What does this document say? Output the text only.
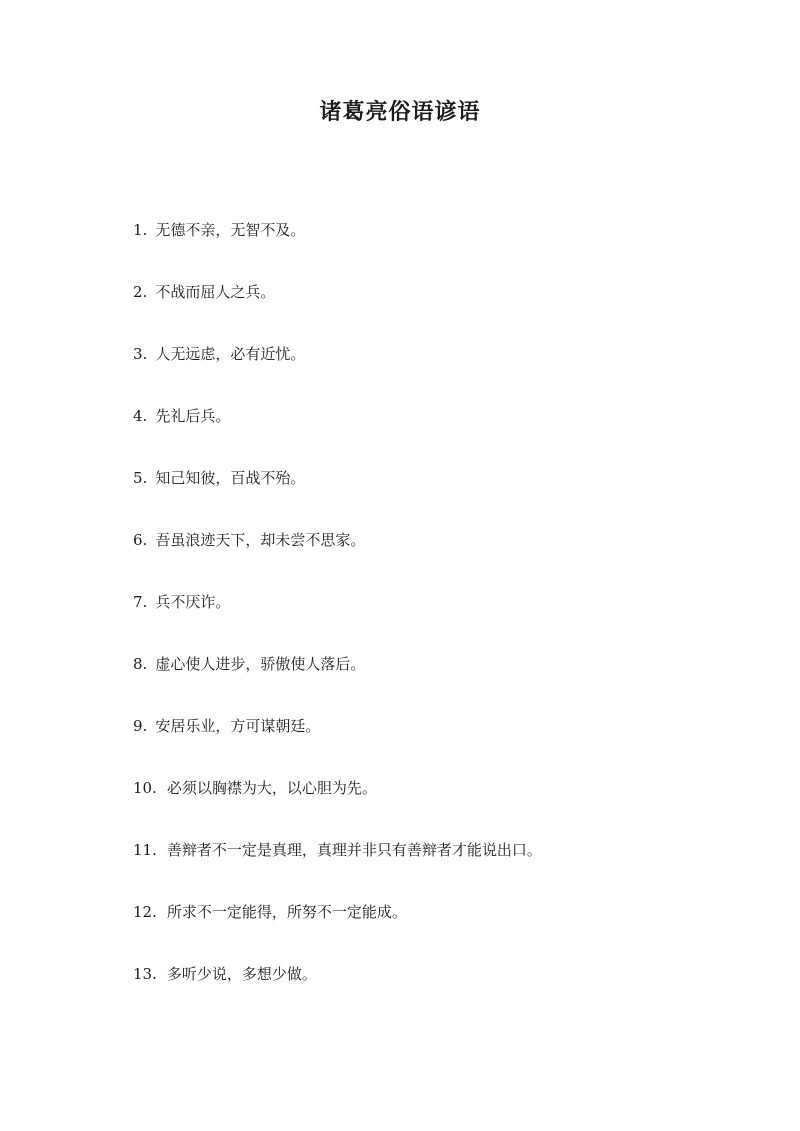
诸葛亮俗语谚语
1. 无德不亲，无智不及。
2. 不战而屈人之兵。
3. 人无远虑，必有近忧。
4. 先礼后兵。
5. 知己知彼，百战不殆。
6. 吾虽浪迹天下，却未尝不思家。
7. 兵不厌诈。
8. 虚心使人进步，骄傲使人落后。
9. 安居乐业，方可谋朝廷。
10. 必须以胸襟为大，以心胆为先。
11. 善辩者不一定是真理，真理并非只有善辩者才能说出口。
12. 所求不一定能得，所努不一定能成。
13. 多听少说，多想少做。
